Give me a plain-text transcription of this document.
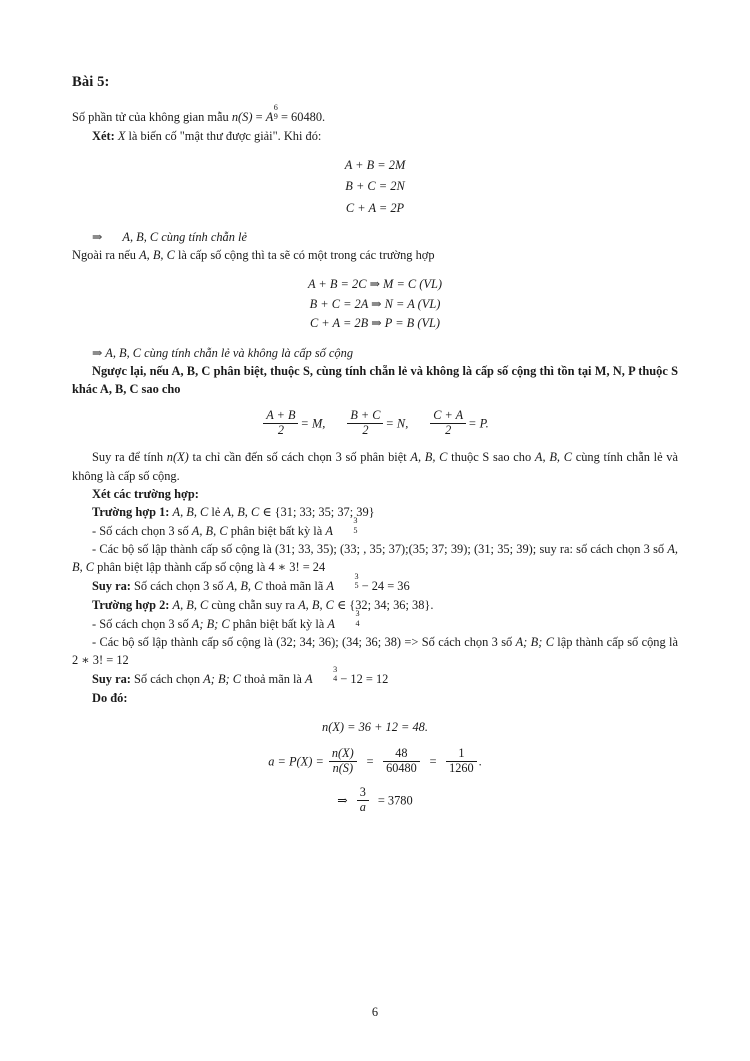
Bài 5:

Số phần tử của không gian mẫu n(S) = A
6
9 = 60480.

Xét: X là biến cố "mật thư được giải". Khi đó:

A + B = 2M
B + C = 2N
C + A = 2P

⇒ A, B, C cùng tính chẵn lẻ

Ngoài ra nếu A, B, C là cấp số cộng thì ta sẽ có một trong các trường hợp

A + B = 2C ⇒ M = C (VL)
B + C = 2A ⇒ N = A (VL)
C + A = 2B ⇒ P = B (VL)

⇒ A, B, C cùng tính chẵn lẻ và không là cấp số cộng

Ngược lại, nếu A, B, C phân biệt, thuộc S, cùng tính chẵn lẻ và không là cấp số cộng thì tồn tại M, N, P thuộc S khác A, B, C sao cho

$\frac{A + B}{2} = M$, $\frac{B + C}{2} = N$, $\frac{C + A}{2} = P$.

Suy ra để tính n(X) ta chỉ cần đến số cách chọn 3 số phân biệt A, B, C thuộc S sao cho A, B, C cùng tính chẵn lẻ và không là cấp số cộng.

Xét các trường hợp:

Trường hợp 1: A, B, C lẻ A, B, C ∈ {31; 33; 35; 37; 39}

- Số cách chọn 3 số A, B, C phân biệt bất kỳ là A
3
5

- Các bộ số lập thành cấp số cộng là (31; 33, 35); (33; , 35; 37);(35; 37; 39); (31; 35; 39); suy ra: số cách chọn 3 số A, B, C phân biệt lập thành cấp số cộng là 4 ∗ 3! = 24

Suy ra: Số cách chọn 3 số A, B, C thoả mãn lã A
3
5 − 24 = 36

Trường hợp 2: A, B, C cùng chẵn suy ra A, B, C ∈ {32; 34; 36; 38}.

- Số cách chọn 3 số A; B; C phân biệt bất kỳ là A
3
4

- Các bộ số lập thành cấp số cộng là (32; 34; 36); (34; 36; 38) => Số cách chọn 3 số A; B; C lập thành cấp số cộng là 2 ∗ 3! = 12

Suy ra: Số cách chọn A; B; C thoả mãn là A
3
4 − 12 = 12

Do đó:

n(X) = 36 + 12 = 48.
$a = P(X) = \frac{n(X)}{n(S)} = \frac{48}{60480} = \frac{1}{1260}$ .
⇒ $\frac{3}{a} = 3780$
6
